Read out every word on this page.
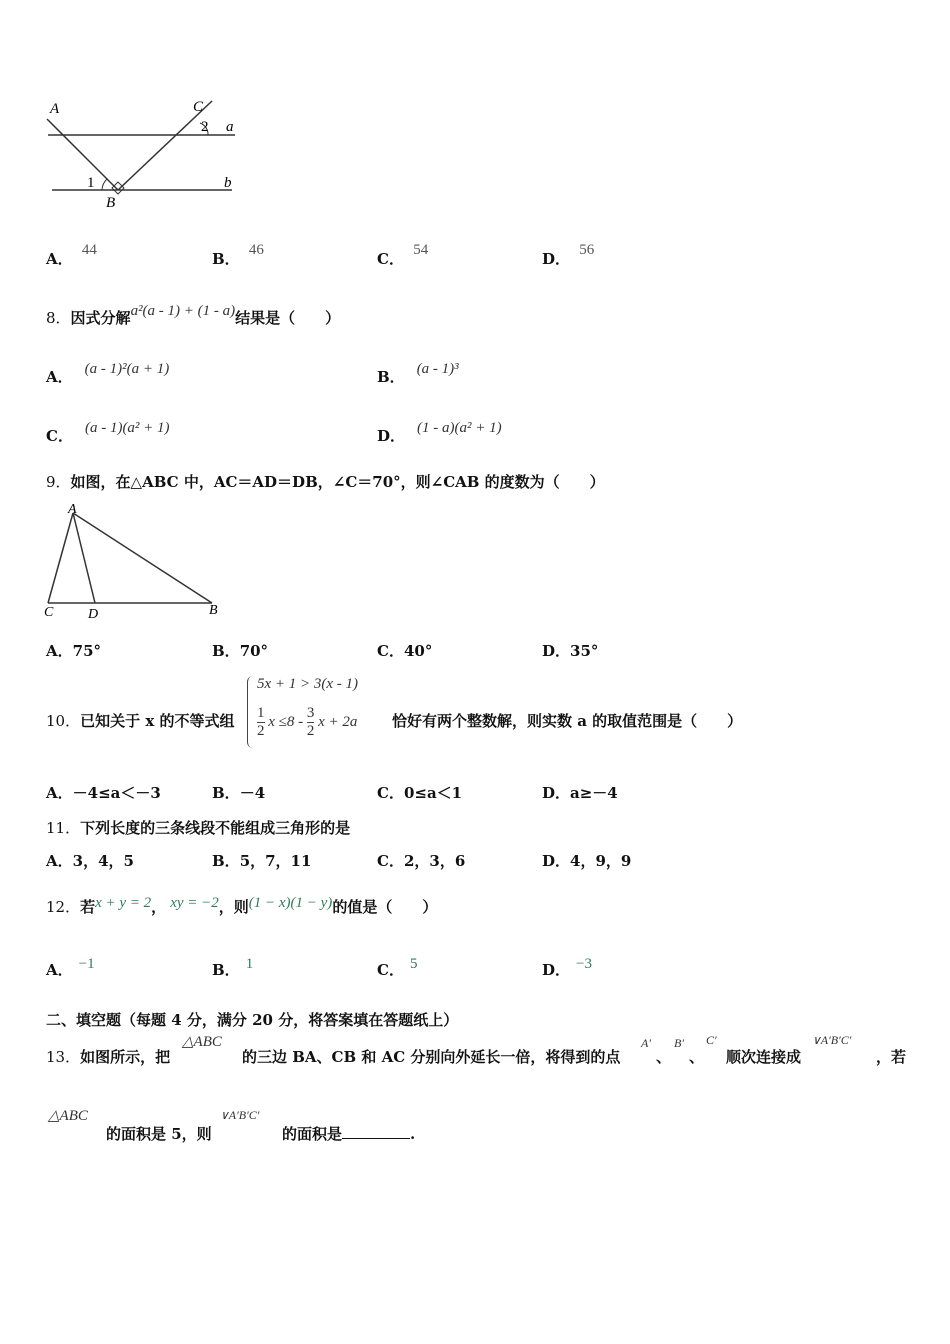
A	C
2 a
1
B
b
A． 44	B． 46	C． 54	D． 56
8．因式分解a²(a - 1) + (1 - a)结果是（　　）
A． (a - 1)²(a + 1)	B． (a - 1)³
C． (a - 1)(a² + 1)	D． (1 - a)(a² + 1)
9．如图，在△ABC 中，AC＝AD＝DB，∠C＝70°，则∠CAB 的度数为（　　）
A
C D	B
A．75°	B．70°	C．40°	D．35°
10．已知关于 x 的不等式组
5x + 1 > 3(x - 1)
$\frac{1}{2}$ $x \le 8 - \frac{3}{2}$ x + 2a 恰好有两个整数解，则实数 a 的取值范围是（　　）
A．－4≤a＜－3	B．－4	C．0≤a＜1	D．a≥－4
11．下列长度的三条线段不能组成三角形的是
A．3，4，5	B．5，7，11	C．2，3，6	D．4，9，9
12．若x + y = 2， xy = −2，则(1 − x)(1 − y)的值是（　　）
A． −1	B． 1	C． 5	D． −3
二、填空题（每题 4 分，满分 20 分，将答案填在答题纸上）
△ABC	A′ B′ C′	∨A′B′C′
13．如图所示，把	的三边 BA、CB 和 AC 分别向外延长一倍，将得到的点 、 、 顺次连接成	，若
△ABC	∨A′B′C′
的面积是 5，则	的面积是	.
